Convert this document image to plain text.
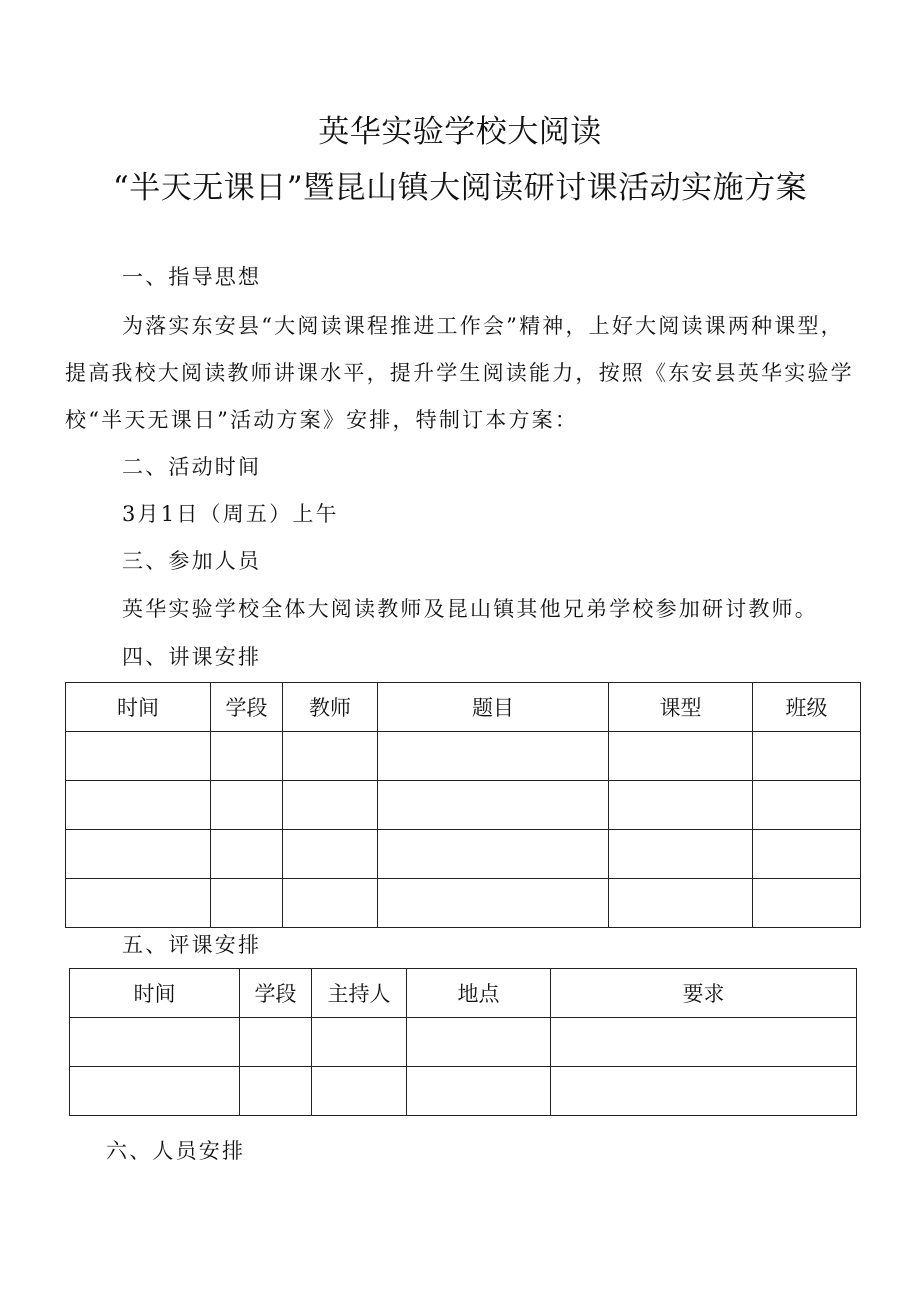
英华实验学校大阅读
“半天无课日”暨昆山镇大阅读研讨课活动实施方案
一、指导思想
为落实东安县“大阅读课程推进工作会”精神，上好大阅读课两种课型，
提高我校大阅读教师讲课水平，提升学生阅读能力，按照《东安县英华实验学
校“半天无课日”活动方案》安排，特制订本方案：
二、活动时间
3月1日（周五）上午
三、参加人员
英华实验学校全体大阅读教师及昆山镇其他兄弟学校参加研讨教师。
四、讲课安排
时间	学段	教师	题目	课型	班级

五、评课安排
时间	学段	主持人	地点	要求

六、人员安排
